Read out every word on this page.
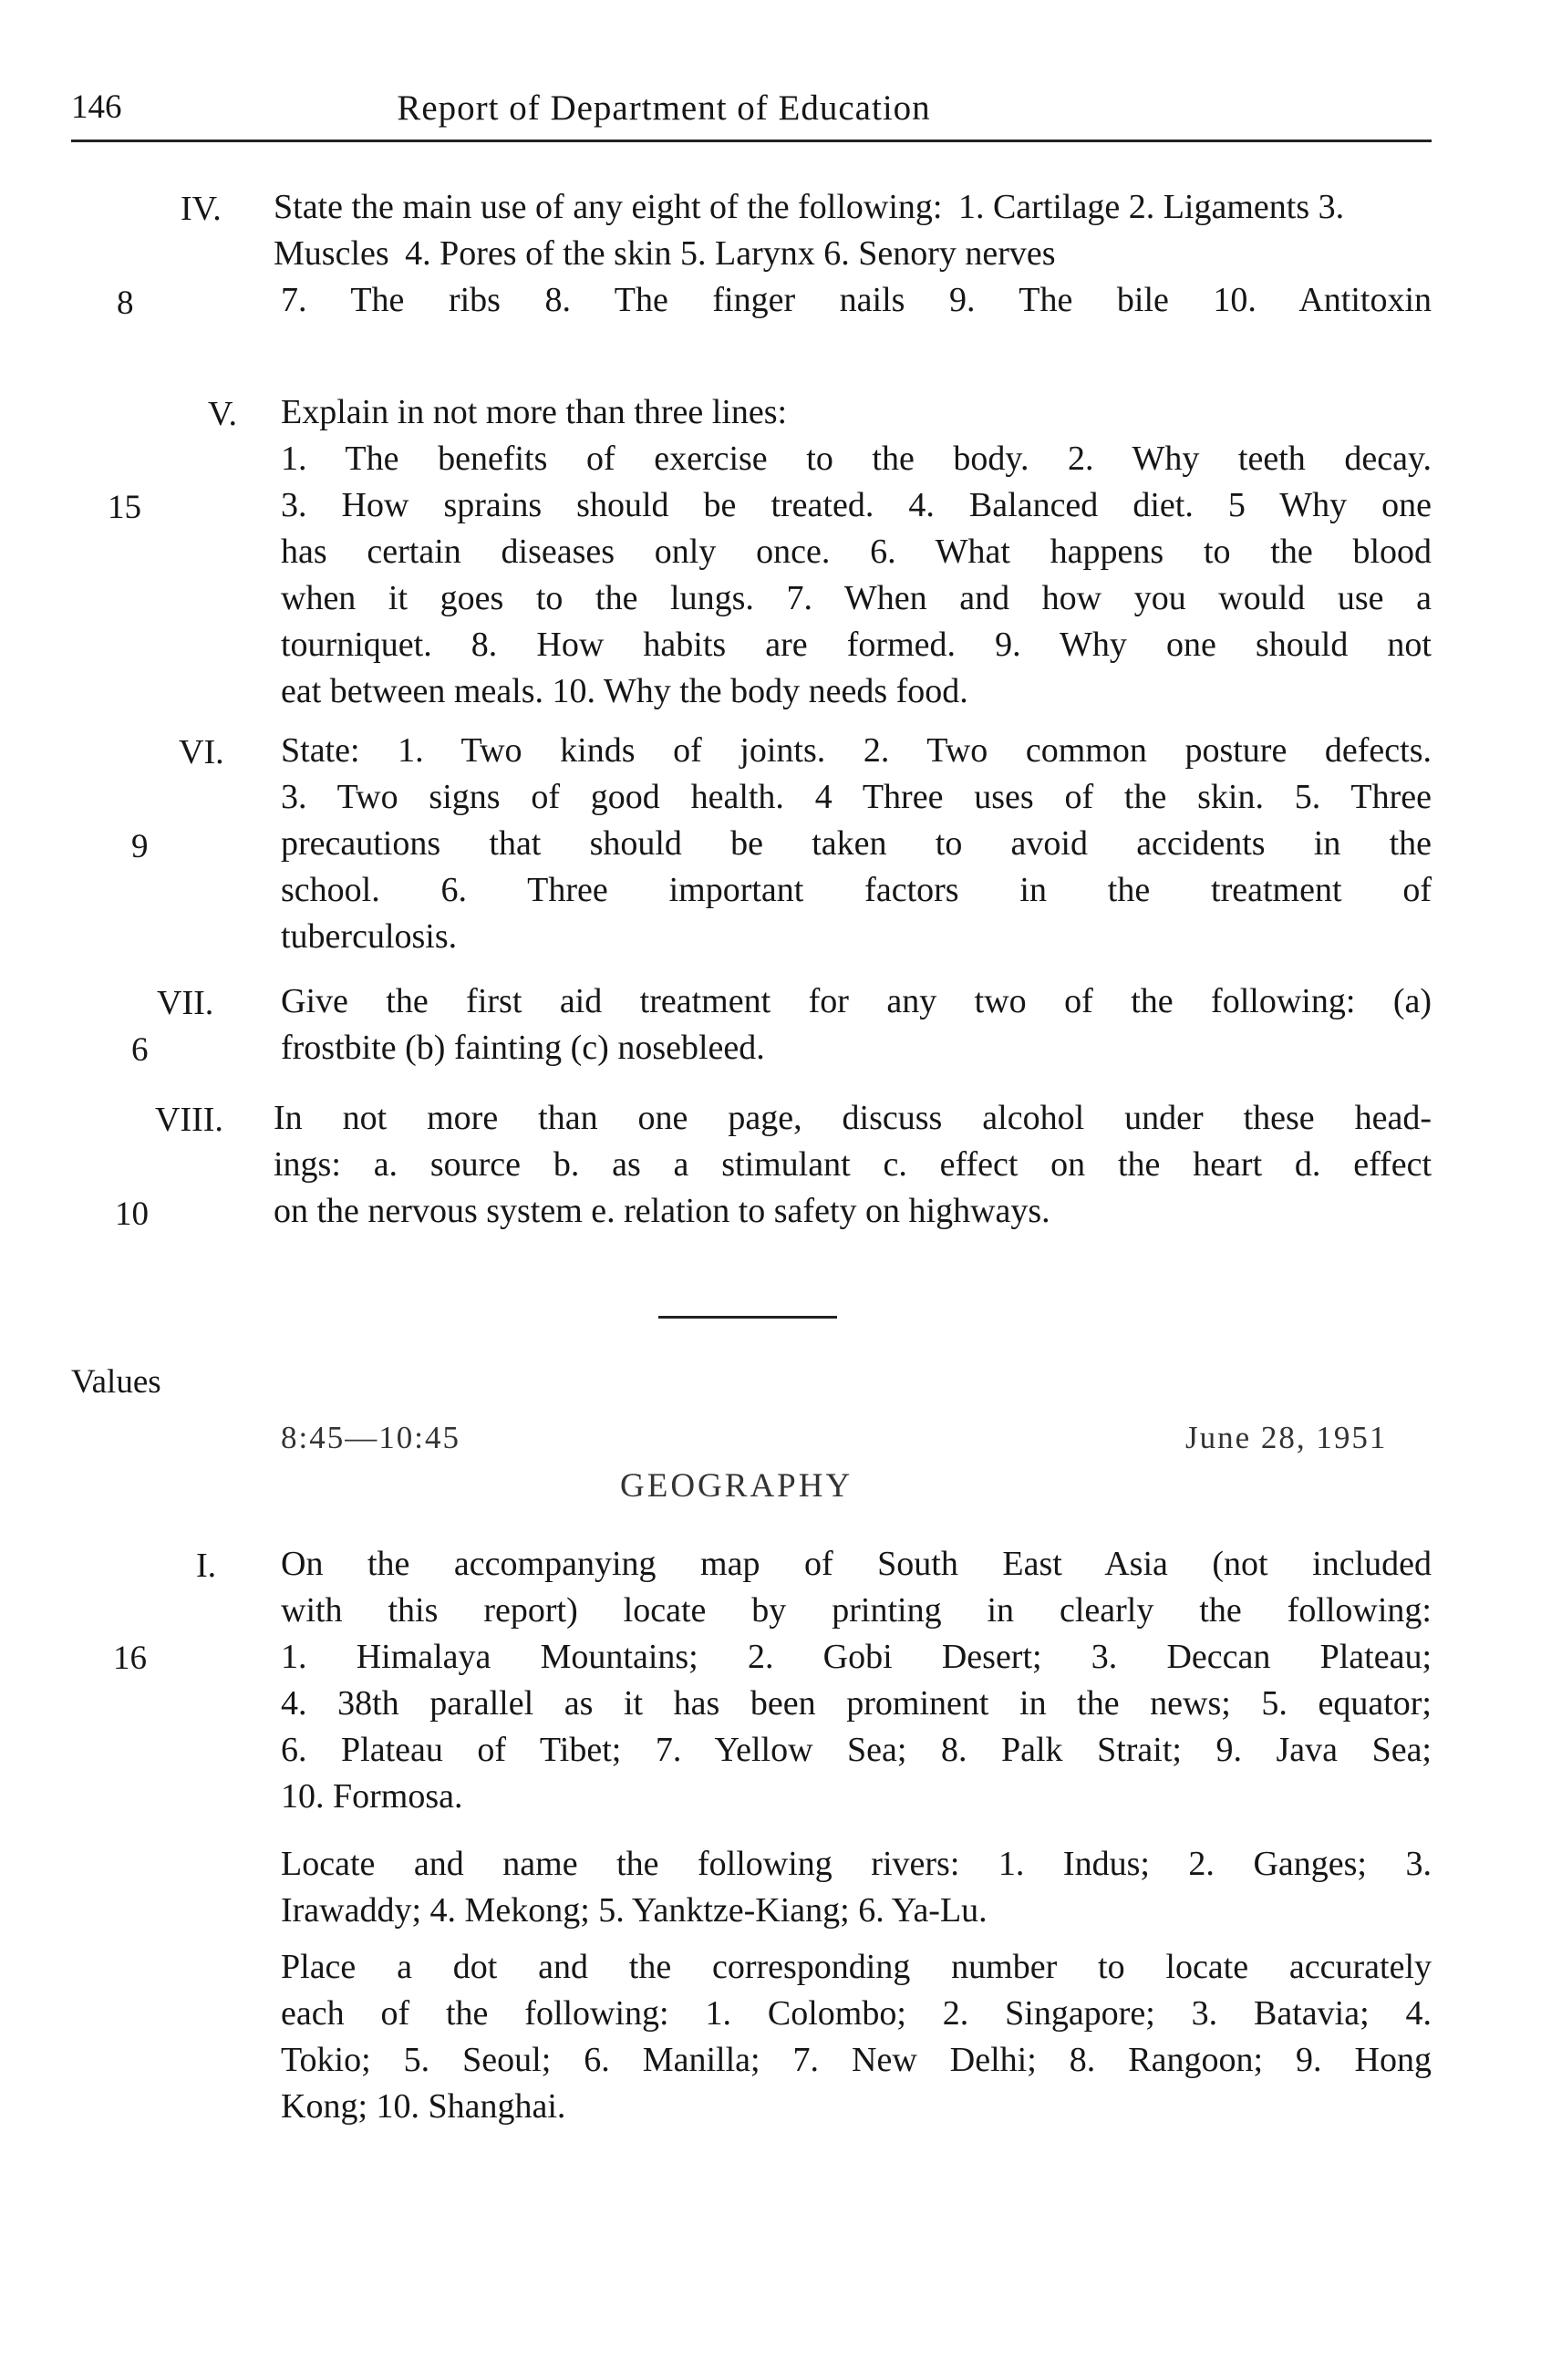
146	Report of Department of Education
IV.
8
State the main use of any eight of the following: 1. Cartilage 2. Ligaments 3. Muscles 4. Pores of the skin 5. Larynx 6. Senory nerves
7. The ribs 8. The finger nails 9. The bile 10. Antitoxin
V.
15
Explain in not more than three lines:
1. The benefits of exercise to the body. 2. Why teeth decay.
3. How sprains should be treated. 4. Balanced diet. 5 Why one
has certain diseases only once. 6. What happens to the blood
when it goes to the lungs. 7. When and how you would use a
tourniquet. 8. How habits are formed. 9. Why one should not
eat between meals. 10. Why the body needs food.
VI.
9
State: 1. Two kinds of joints. 2. Two common posture defects.
3. Two signs of good health. 4 Three uses of the skin. 5. Three
precautions that should be taken to avoid accidents in the
school. 6. Three important factors in the treatment of
tuberculosis.
VII.
6
Give the first aid treatment for any two of the following: (a)
frostbite (b) fainting (c) nosebleed.
VIII.
10
In not more than one page, discuss alcohol under these head-
ings: a. source b. as a stimulant c. effect on the heart d. effect
on the nervous system e. relation to safety on highways.
Values
8:45—10:45	June 28, 1951
GEOGRAPHY
I.
16
On the accompanying map of South East Asia (not included
with this report) locate by printing in clearly the following:
1. Himalaya Mountains; 2. Gobi Desert; 3. Deccan Plateau;
4. 38th parallel as it has been prominent in the news; 5. equator;
6. Plateau of Tibet; 7. Yellow Sea; 8. Palk Strait; 9. Java Sea;
10. Formosa.
Locate and name the following rivers: 1. Indus; 2. Ganges; 3.
Irawaddy; 4. Mekong; 5. Yanktze-Kiang; 6. Ya-Lu.
Place a dot and the corresponding number to locate accurately
each of the following: 1. Colombo; 2. Singapore; 3. Batavia; 4.
Tokio; 5. Seoul; 6. Manilla; 7. New Delhi; 8. Rangoon; 9. Hong
Kong; 10. Shanghai.
